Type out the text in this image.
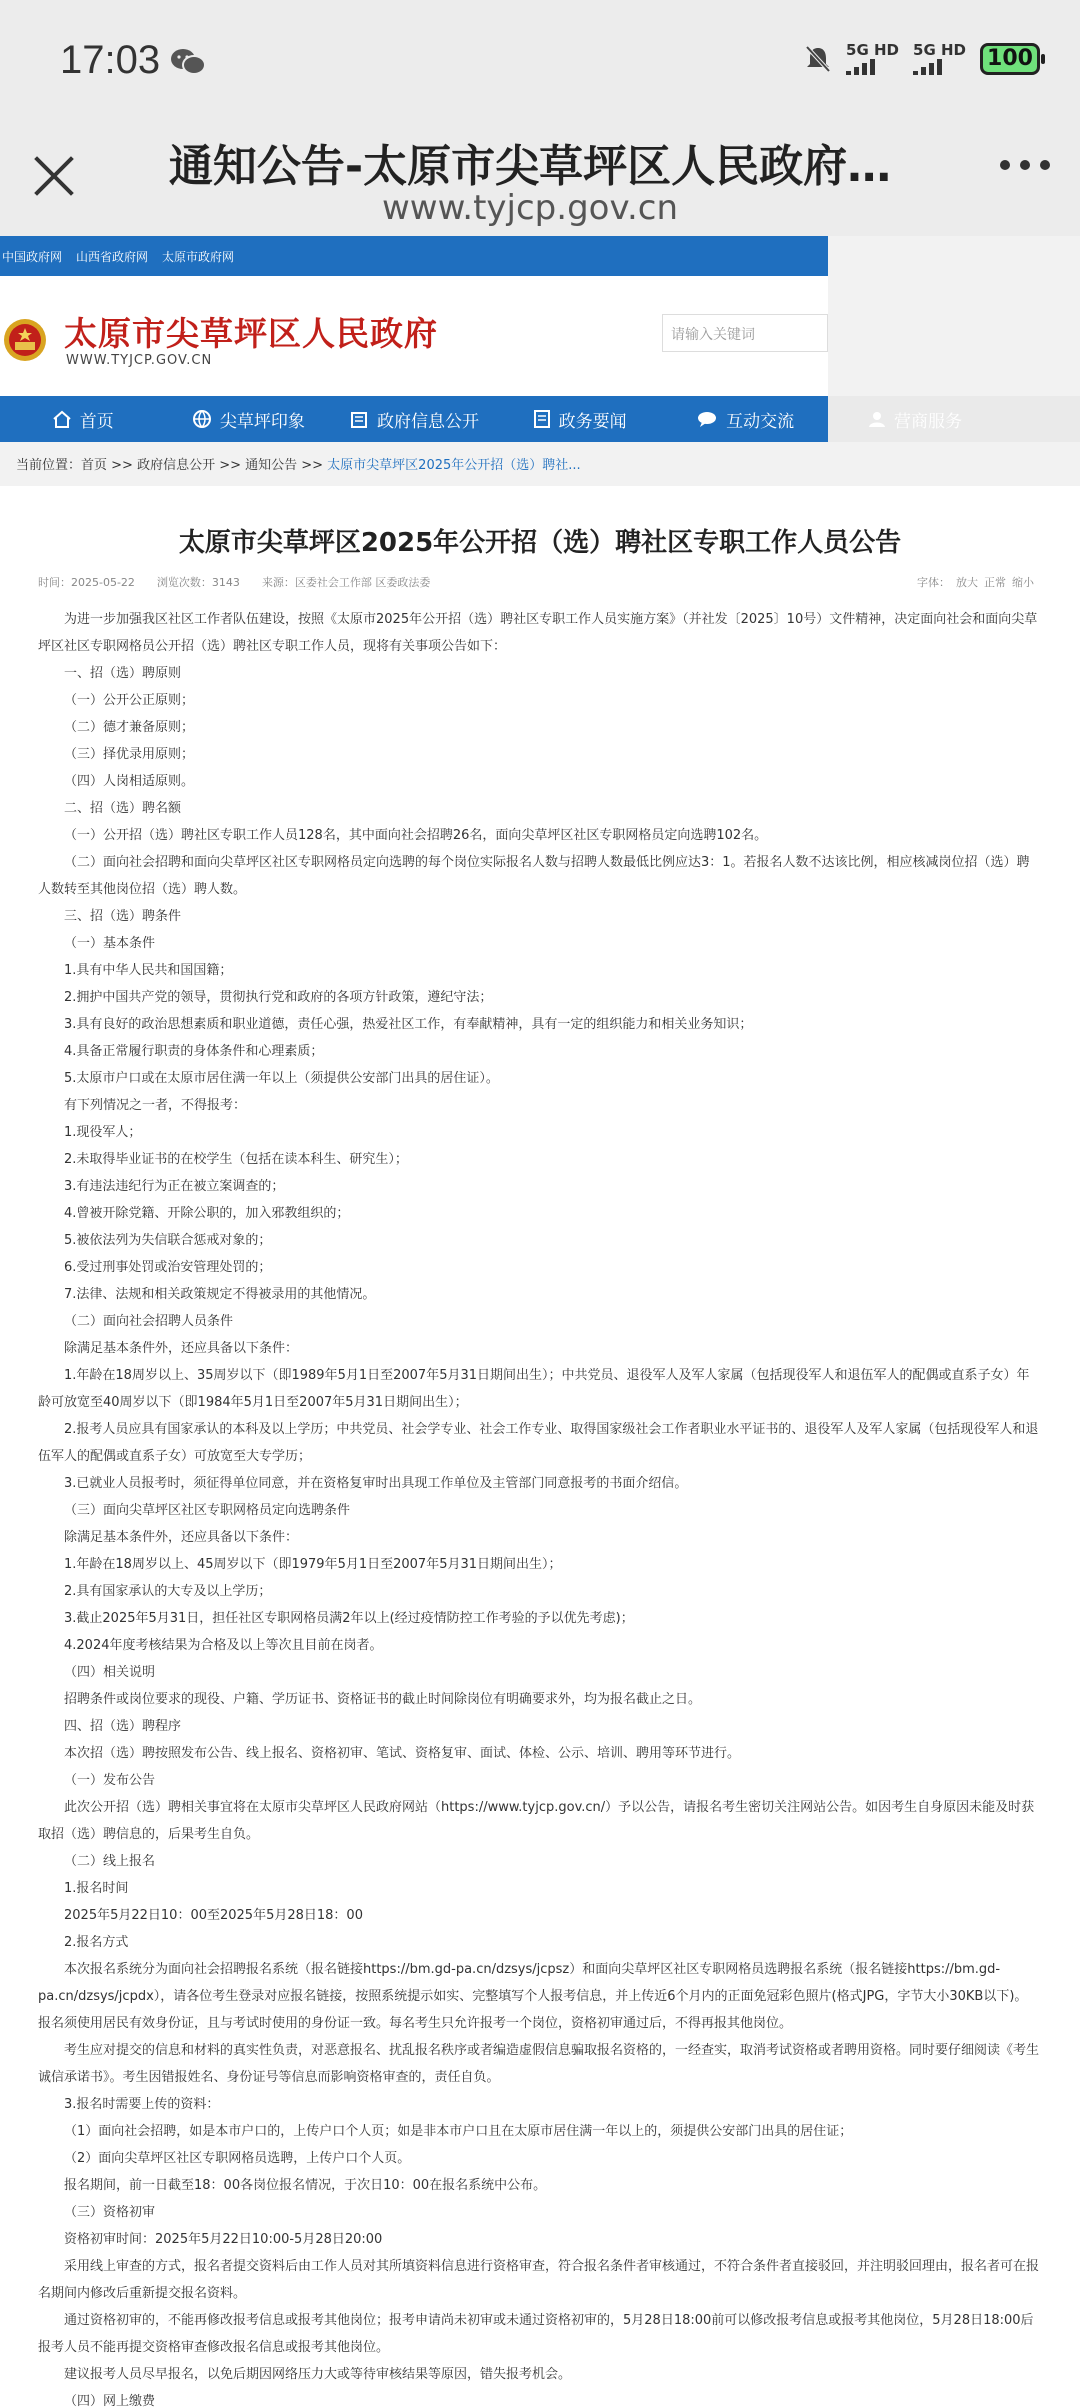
17:03	5G HD 5G HD 100
通知公告-太原市尖草坪区人民政府…
www.tyjcp.gov.cn
中国政府网 山西省政府网 太原市政府网
太原市尖草坪区人民政府
WWW.TYJCP.GOV.CN
请输入关键词
首页	尖草坪印象	政府信息公开	政务要闻	互动交流	营商服务
当前位置：首页 >> 政府信息公开 >> 通知公告 >> 太原市尖草坪区2025年公开招（选）聘社...
太原市尖草坪区2025年公开招（选）聘社区专职工作人员公告
时间：2025-05-22 浏览次数：3143 来源：区委社会工作部 区委政法委	字体： 放大 正常 缩小

为进一步加强我区社区工作者队伍建设，按照《太原市2025年公开招（选）聘社区专职工作人员实施方案》（并社发〔2025〕10号）文件精神，决定面向社会和面向尖草坪区社区专职网格员公开招（选）聘社区专职工作人员，现将有关事项公告如下：

一、招（选）聘原则

（一）公开公正原则；

（二）德才兼备原则；

（三）择优录用原则；

（四）人岗相适原则。

二、招（选）聘名额

（一）公开招（选）聘社区专职工作人员128名，其中面向社会招聘26名，面向尖草坪区社区专职网格员定向选聘102名。

（二）面向社会招聘和面向尖草坪区社区专职网格员定向选聘的每个岗位实际报名人数与招聘人数最低比例应达3：1。若报名人数不达该比例，相应核减岗位招（选）聘人数转至其他岗位招（选）聘人数。

三、招（选）聘条件

（一）基本条件

1.具有中华人民共和国国籍；

2.拥护中国共产党的领导，贯彻执行党和政府的各项方针政策，遵纪守法；

3.具有良好的政治思想素质和职业道德，责任心强，热爱社区工作，有奉献精神，具有一定的组织能力和相关业务知识；

4.具备正常履行职责的身体条件和心理素质；

5.太原市户口或在太原市居住满一年以上（须提供公安部门出具的居住证）。

有下列情况之一者，不得报考：

1.现役军人；

2.未取得毕业证书的在校学生（包括在读本科生、研究生）；

3.有违法违纪行为正在被立案调查的；

4.曾被开除党籍、开除公职的，加入邪教组织的；

5.被依法列为失信联合惩戒对象的；

6.受过刑事处罚或治安管理处罚的；

7.法律、法规和相关政策规定不得被录用的其他情况。

（二）面向社会招聘人员条件

除满足基本条件外，还应具备以下条件：

1.年龄在18周岁以上、35周岁以下（即1989年5月1日至2007年5月31日期间出生）；中共党员、退役军人及军人家属（包括现役军人和退伍军人的配偶或直系子女）年龄可放宽至40周岁以下（即1984年5月1日至2007年5月31日期间出生）；

2.报考人员应具有国家承认的本科及以上学历；中共党员、社会学专业、社会工作专业、取得国家级社会工作者职业水平证书的、退役军人及军人家属（包括现役军人和退伍军人的配偶或直系子女）可放宽至大专学历；

3.已就业人员报考时，须征得单位同意，并在资格复审时出具现工作单位及主管部门同意报考的书面介绍信。

（三）面向尖草坪区社区专职网格员定向选聘条件

除满足基本条件外，还应具备以下条件：

1.年龄在18周岁以上、45周岁以下（即1979年5月1日至2007年5月31日期间出生）；

2.具有国家承认的大专及以上学历；

3.截止2025年5月31日，担任社区专职网格员满2年以上(经过疫情防控工作考验的予以优先考虑)；

4.2024年度考核结果为合格及以上等次且目前在岗者。

（四）相关说明

招聘条件或岗位要求的现役、户籍、学历证书、资格证书的截止时间除岗位有明确要求外，均为报名截止之日。

四、招（选）聘程序

本次招（选）聘按照发布公告、线上报名、资格初审、笔试、资格复审、面试、体检、公示、培训、聘用等环节进行。

（一）发布公告

此次公开招（选）聘相关事宜将在太原市尖草坪区人民政府网站（https://www.tyjcp.gov.cn/）予以公告，请报名考生密切关注网站公告。如因考生自身原因未能及时获取招（选）聘信息的，后果考生自负。

（二）线上报名

1.报名时间

2025年5月22日10：00至2025年5月28日18：00

2.报名方式

本次报名系统分为面向社会招聘报名系统（报名链接https://bm.gd-pa.cn/dzsys/jcpsz）和面向尖草坪区社区专职网格员选聘报名系统（报名链接https://bm.gd-pa.cn/dzsys/jcpdx），请各位考生登录对应报名链接，按照系统提示如实、完整填写个人报考信息，并上传近6个月内的正面免冠彩色照片(格式JPG，字节大小30KB以下)。报名须使用居民有效身份证，且与考试时使用的身份证一致。每名考生只允许报考一个岗位，资格初审通过后，不得再报其他岗位。

考生应对提交的信息和材料的真实性负责，对恶意报名、扰乱报名秩序或者编造虚假信息骗取报名资格的，一经查实，取消考试资格或者聘用资格。同时要仔细阅读《考生诚信承诺书》。考生因错报姓名、身份证号等信息而影响资格审查的，责任自负。

3.报名时需要上传的资料：

（1）面向社会招聘，如是本市户口的，上传户口个人页；如是非本市户口且在太原市居住满一年以上的，须提供公安部门出具的居住证；

（2）面向尖草坪区社区专职网格员选聘，上传户口个人页。

报名期间，前一日截至18：00各岗位报名情况，于次日10：00在报名系统中公布。

（三）资格初审

资格初审时间：2025年5月22日10:00-5月28日20:00

采用线上审查的方式，报名者提交资料后由工作人员对其所填资料信息进行资格审查，符合报名条件者审核通过，不符合条件者直接驳回，并注明驳回理由，报名者可在报名期间内修改后重新提交报名资料。

通过资格初审的，不能再修改报考信息或报考其他岗位；报考申请尚未初审或未通过资格初审的，5月28日18:00前可以修改报考信息或报考其他岗位，5月28日18:00后报考人员不能再提交资格审查修改报名信息或报考其他岗位。

建议报考人员尽早报名，以免后期因网络压力大或等待审核结果等原因，错失报考机会。

（四）网上缴费
